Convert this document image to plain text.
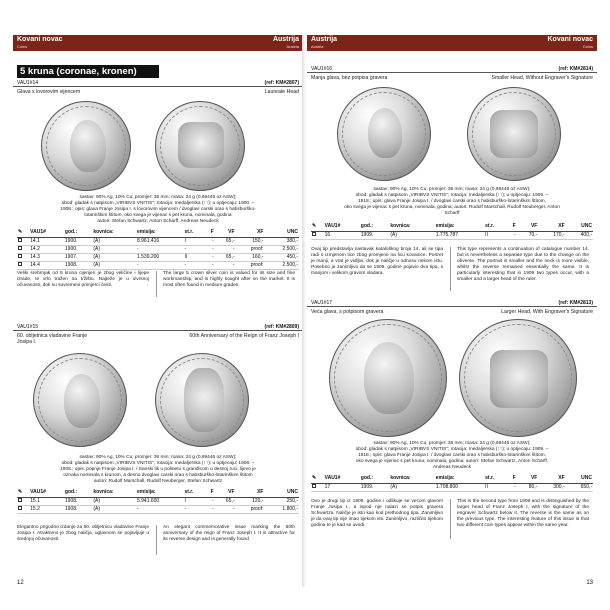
Kovani novac
Coins
Austrija
Austria
5 kruna (coronae, kronen)
VAU1#14	(ref: KM#2807)
Glava s lovorovim vijencem	Laureate Head
sastav: 90% Ag, 10% Cu; promjer: 36 mm; masa: 24 g (0,69446 oz ASW);
obod: gladak s natpisom „VIRIBVS VNITIS"; rotacija: medaljerska (↑↑); u optjecaju: 1900. –
1908.; opis: glava Franje Josipa I. s lovorovim vijencem / dvoglavi carski orao s habsburško-
lotarinškim štitom, oko svega je vijenac s pet kruna, nominala, godina
autori: Stefan Schwartz, Anton Scharff, Andreas Neudeck
✎	VAU1#	god.:	kovnica:	emisija:	st.r.	F	VF	XF	UNC
	14.1	1900.	(A)	8.961.416	I	-	65,-	150,-	380,-
	14.2	1900.	(A)	-	-	-	-	proof:	2.500,-
	14.3	1907.	(A)	1.539.200	II	-	65,-	160,-	450,-
	14.4	1908.	(A)	-	-	-	-	proof:	2.500,-
Veliki srebrnjak od 5 kruna cijenjen je zbog veličine i lijepe izrade, te vrlo tražen na tržištu. Najteže je u izvrsnoj očuvanosti, dok su suvremeni primjerci česti.
The large 5 crown silver coin is valued for its size and fine workmanship, and is highly sought after on the market. It is most often found in medium grades.
VAU1#15	(ref: KM#2809)
60. obljetnica vladavine Franje Josipa I.
60th Anniversary of the Reign of Franz Joseph I
sastav: 90% Ag, 10% Cu; promjer: 36 mm; masa: 24 g (0,69446 oz ASW);
obod: gladak s natpisom „VIRIBVS VNITIS"; rotacija: medaljerska (↑↑); u optjecaju: 1908. –
1908.; opis: popnje Franje Josipa I. / Sanski lik u polinetu s granđicom u desnoj ruci, lijevo je
oznaka nominala s krunom, a desno dvoglavi carski orao s habsburško-lotarinškim štitom
autori: Rudolf Marschall, Rudolf Neuberger, Stefan Schwartz
✎	VAU1#	god.:	kovnica:	emisija:	st.r.	F	VF	XF	UNC
	15.1	1908.	(A)	5.941.600	I	-	65,-	120,-	250,-
	15.2	1908.	(A)	-	-	-	-	proof:	1.800,-
Elegantno prigodno izdanje za 60. obljetnicu vladavine Franje Josipa I. Atraktivno je zbog naličja, uglavnom se pojavljuje u srednjoj očuvanosti.
An elegant commemorative issue marking the 60th anniversary of the reign of Franz Joseph I. It is attractive for its reverse design and is generally found
12
Austrija
Austria
Kovani novac
Coins
VAU1#16	(ref: KM#2814)
Manja glava, bez potpisa gravera	Smaller Head, Without Engraver's Signature
sastav: 90% Ag, 10% Cu; promjer: 36 mm; masa: 24 g (0,69446 oz ASW);
obod: gladak s natpisom „VIRIBVS VNITIS"; rotacija: medaljerska (↑↑); u optjecaju: 1909. –
1918.; opis: glava Franje Josipa I. / dvoglavi carski orao s habsburško-lotarinškim štitom,
oko svega je vijenac s pet kruna, nominala, godina; autori: Rudolf Marschall, Rudolf Neuberger, Anton
Scharff
✎	VAU1#	god.:	kovnica:	emisija:	st.r.	F	VF	XF	UNC
	16	1909.	(A)	1.775.787	II	-	70,-	170,-	400,-
Ovaj tip predstavlja nastavak kataloškog broja 14, ali se tipa radi o izmjenom lice zbog promjene na licu kovanice. Portret je manji, a vrat je vidljivi, dok je naličje u odnosu nekom istu. Posebno je zanimljivo da se 1909. godine pojavio dva tipa, s manjom i velikom gravom vladara.
This type represents a continuation of catalogue number 14, but is nevertheless a separate type due to the change on the obverse. The portrait is smaller and the neck is more visible, whilst the reverse remained essentially the same. It is particularly interesting that in 1909 two types occur, with a smaller and a larger head of the ruler.
VAU1#17	(ref: KM#2813)
Veća glava, s potpisom gravera	Larger Head, With Engraver's Signature
sastav: 90% Ag, 10% Cu; promjer: 36 mm; masa: 24 g (0,69446 oz ASW);
obod: gladak s natpisom „VIRIBVS VNITIS"; rotacija: medaljerska (↑↑); u optjecaju: 1909. –
1918.; opis: glava Franje Josipa I. / dvoglavi carski orao s habsburško-lotarinškim štitom,
oko svega je vijenac s pet kruna, nominala, godina; autori: Stefan Schwartz, Anton Scharff,
Andreas Neudeck
✎	VAU1#	god.:	kovnica:	emisija:	st.r.	F	VF	XF	UNC
	17	1909.	(A)	1.708.800	II	-	80,-	300,-	650,-
Ovo je drugi tip iz 1909. godine i odlikuje se većom glavom Franje Josipa I., a ispod nje nalazi se potpis gravera Schwartza. Naličje je isto kao kod prethodnog tipa. Zanimljivo je da ovaj tip nije imao tijekom isti. Zanimljivo, različito tijekom godina te je kad se uvodi.
This is the second type from 1909 and is distinguished by the larger head of Franz Joseph I, with the signature of the engraver Schwartz below it. The reverse is the same as on the previous type. The interesting feature of this issue is that two different coin types appear within the same year.
13
